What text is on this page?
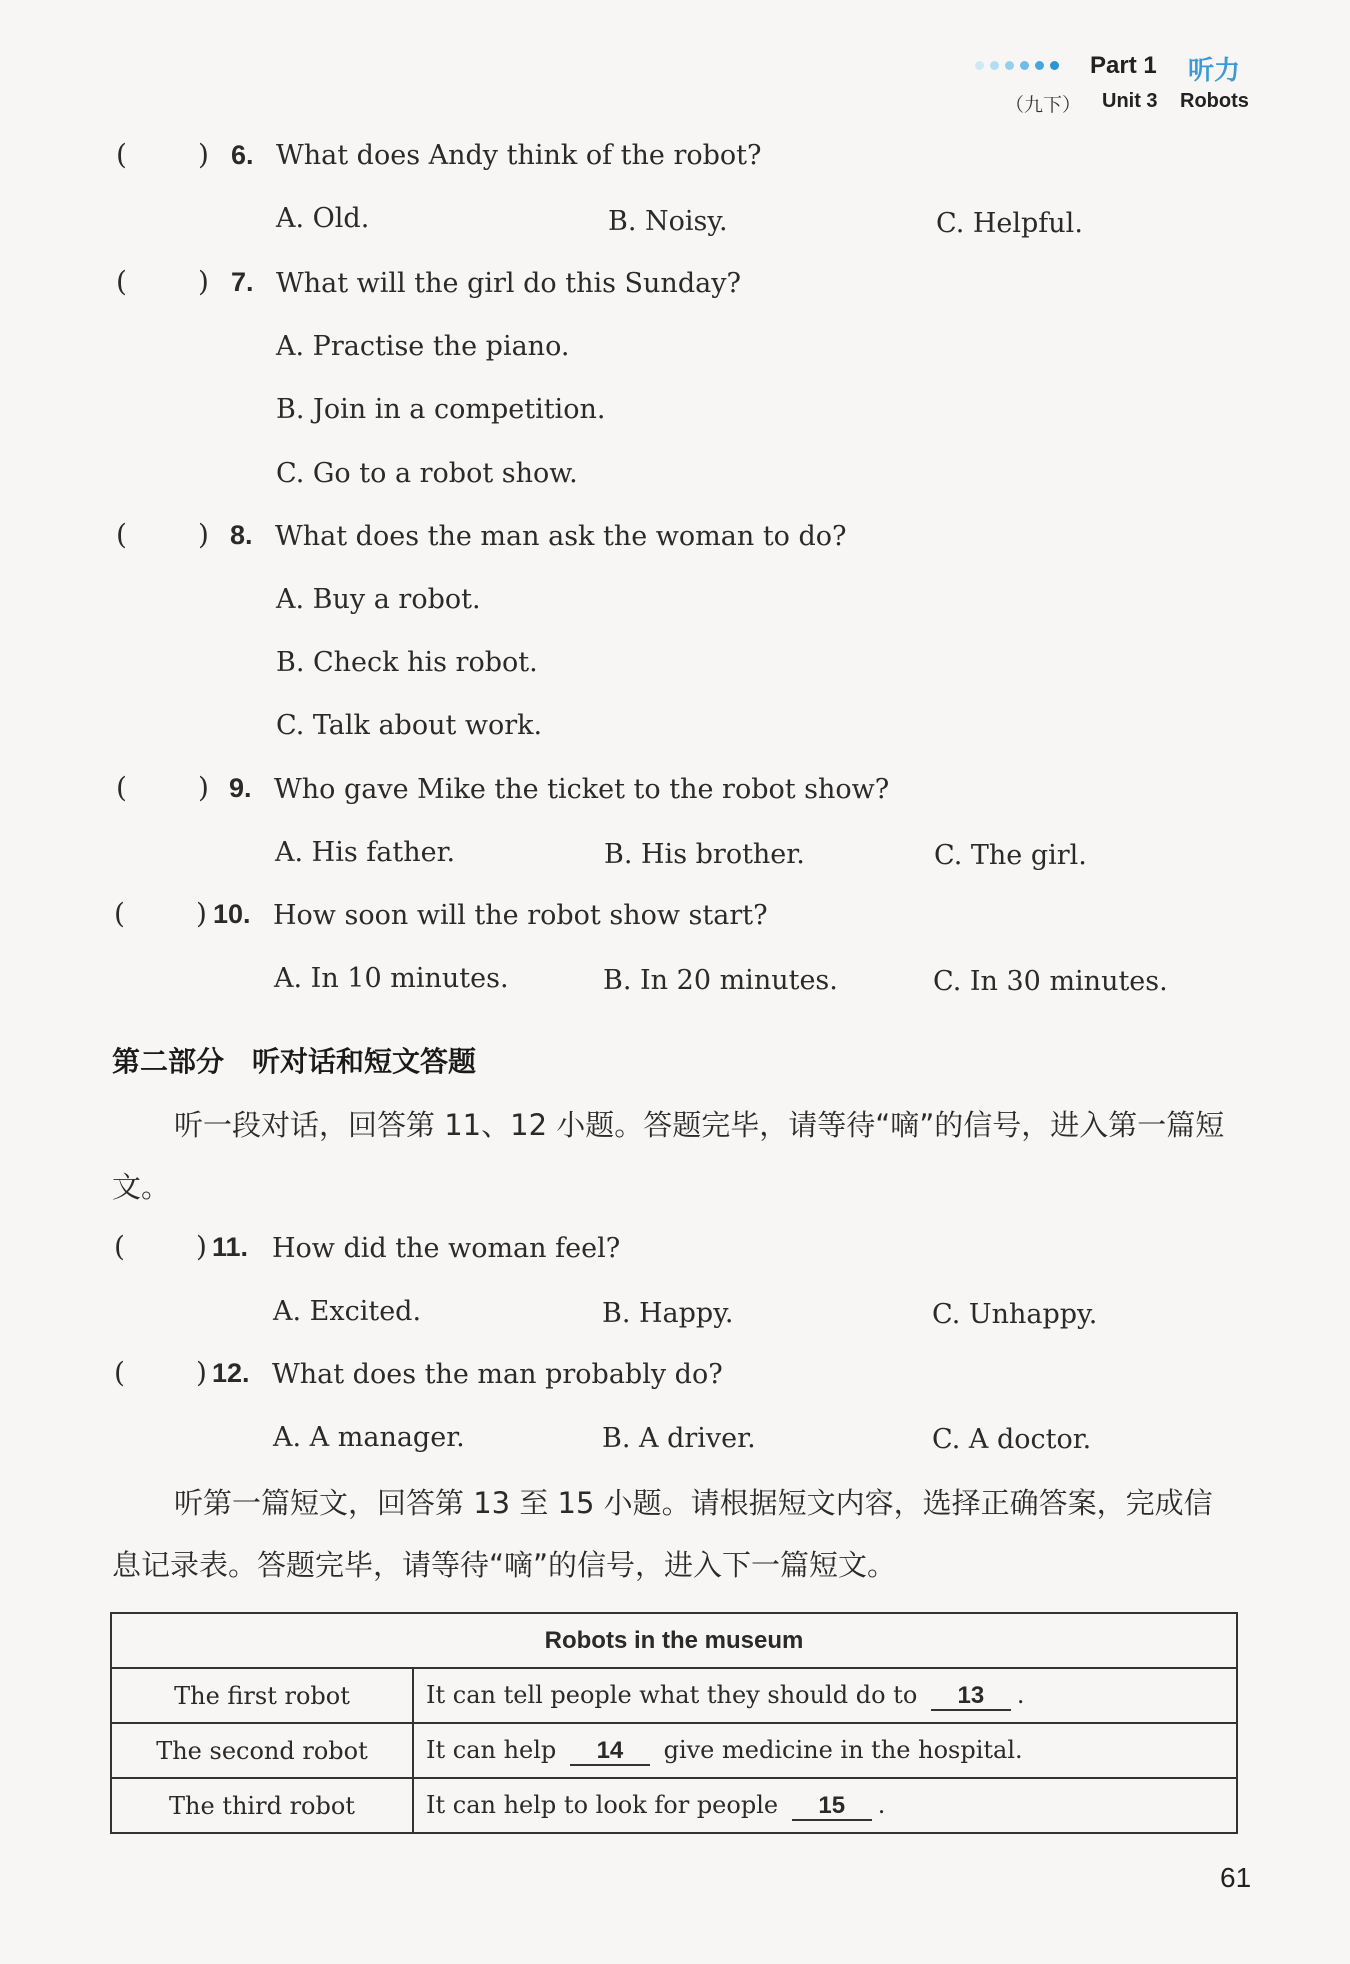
Part 1 听力
（九下） Unit 3 Robots
(	) 6. What does Andy think of the robot?
A. Old.	B. Noisy.	C. Helpful.
(	) 7. What will the girl do this Sunday?
A. Practise the piano.
B. Join in a competition.
C. Go to a robot show.
(	) 8. What does the man ask the woman to do?
A. Buy a robot.
B. Check his robot.
C. Talk about work.
(	) 9. Who gave Mike the ticket to the robot show?
A. His father.	B. His brother.	C. The girl.
(	) 10. How soon will the robot show start?
A. In 10 minutes.	B. In 20 minutes.	C. In 30 minutes.
第二部分　听对话和短文答题
听一段对话，回答第 11、12 小题。答题完毕，请等待“嘀”的信号，进入第一篇短文。
(	) 11. How did the woman feel?
A. Excited.	B. Happy.	C. Unhappy.
(	) 12. What does the man probably do?
A. A manager.	B. A driver.	C. A doctor.
听第一篇短文，回答第 13 至 15 小题。请根据短文内容，选择正确答案，完成信息记录表。答题完毕，请等待“嘀”的信号，进入下一篇短文。
Robots in the museum	
The first robot	It can tell people what they should do to 13 .
The second robot	It can help 14 give medicine in the hospital.
The third robot	It can help to look for people 15 .
61
